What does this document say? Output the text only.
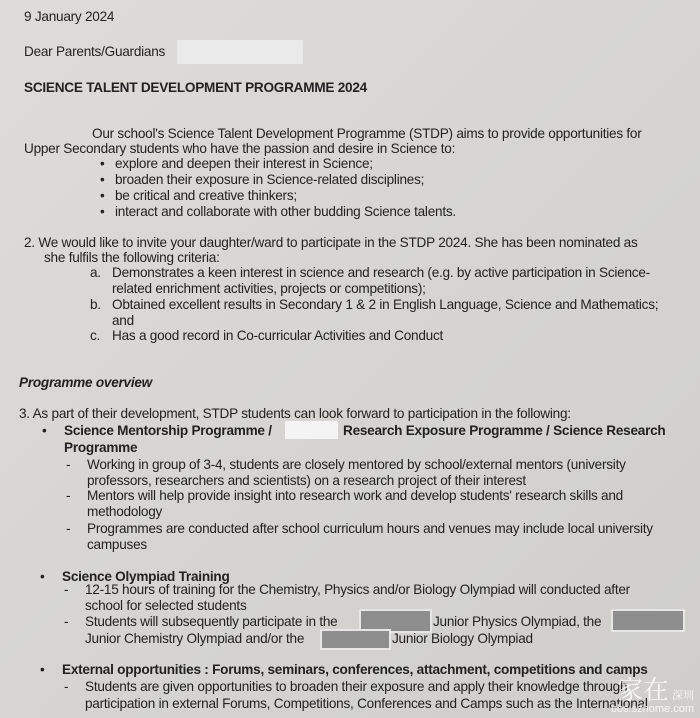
9 January 2024
Dear Parents/Guardians
SCIENCE TALENT DEVELOPMENT PROGRAMME 2024
Our school's Science Talent Development Programme (STDP) aims to provide opportunities for
Upper Secondary students who have the passion and desire in Science to:
• explore and deepen their interest in Science;
• broaden their exposure in Science-related disciplines;
• be critical and creative thinkers;
• interact and collaborate with other budding Science talents.
2. We would like to invite your daughter/ward to participate in the STDP 2024. She has been nominated as
she fulfils the following criteria:
a. Demonstrates a keen interest in science and research (e.g. by active participation in Science-
related enrichment activities, projects or competitions);
b. Obtained excellent results in Secondary 1 & 2 in English Language, Science and Mathematics;
and
c. Has a good record in Co-curricular Activities and Conduct
Programme overview
3. As part of their development, STDP students can look forward to participation in the following:
• Science Mentorship Programme /	Research Exposure Programme / Science Research
Programme
- Working in group of 3-4, students are closely mentored by school/external mentors (university
professors, researchers and scientists) on a research project of their interest
- Mentors will help provide insight into research work and develop students' research skills and
methodology
- Programmes are conducted after school curriculum hours and venues may include local university
campuses
• Science Olympiad Training
- 12-15 hours of training for the Chemistry, Physics and/or Biology Olympiad will conducted after
school for selected students
- Students will subsequently participate in the	Junior Physics Olympiad, the
Junior Chemistry Olympiad and/or the	Junior Biology Olympiad
• External opportunities : Forums, seminars, conferences, attachment, competitions and camps
- Students are given opportunities to broaden their exposure and apply their knowledge through
participation in external Forums, Competitions, Conferences and Camps such as the International
家在 深圳
bbs.szhome.com
